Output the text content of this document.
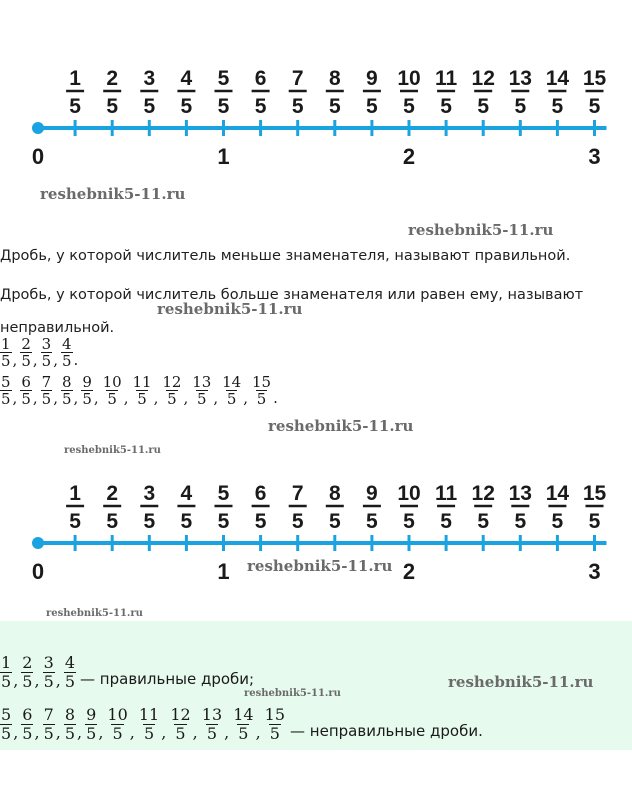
1
5
2
5
3
5
4
5
5
5
6
5
7
5
8
5
9
5
10
5
11
5
12
5
13
5
14
5
15
5
0	1	2	3
reshebnik5-11.ru
reshebnik5-11.ru
Дробь, у которой числитель меньше знаменателя, называют правильной.
Дробь, у которой числитель больше знаменателя или равен ему, называют неправильной.
reshebnik5-11.ru
$\frac{1}{5}$ , $\frac{2}{5}$ , $\frac{3}{5}$ , $\frac{4}{5}$ .
$\frac{5}{5}$ , $\frac{6}{5}$ , $\frac{7}{5}$ , $\frac{8}{5}$ , $\frac{9}{5}$ , $\frac{10}{5}$ , $\frac{11}{5}$ , $\frac{12}{5}$ , $\frac{13}{5}$ , $\frac{14}{5}$ , $\frac{15}{5}$ .
reshebnik5-11.ru
reshebnik5-11.ru
1
5
2
5
3
5
4
5
5
5
6
5
7
5
8
5
9
5
10
5
11
5
12
5
13
5
14
5
15
5
0	1	2	3
reshebnik5-11.ru
reshebnik5-11.ru
$\frac{1}{5}$ , $\frac{2}{5}$ , $\frac{3}{5}$ , $\frac{4}{5}$ — правильные дроби;
$\frac{5}{5}$ , $\frac{6}{5}$ , $\frac{7}{5}$ , $\frac{8}{5}$ , $\frac{9}{5}$ , $\frac{10}{5}$ , $\frac{11}{5}$ , $\frac{12}{5}$ , $\frac{13}{5}$ , $\frac{14}{5}$ , $\frac{15}{5}$ — неправильные дроби.
reshebnik5-11.ru
reshebnik5-11.ru
